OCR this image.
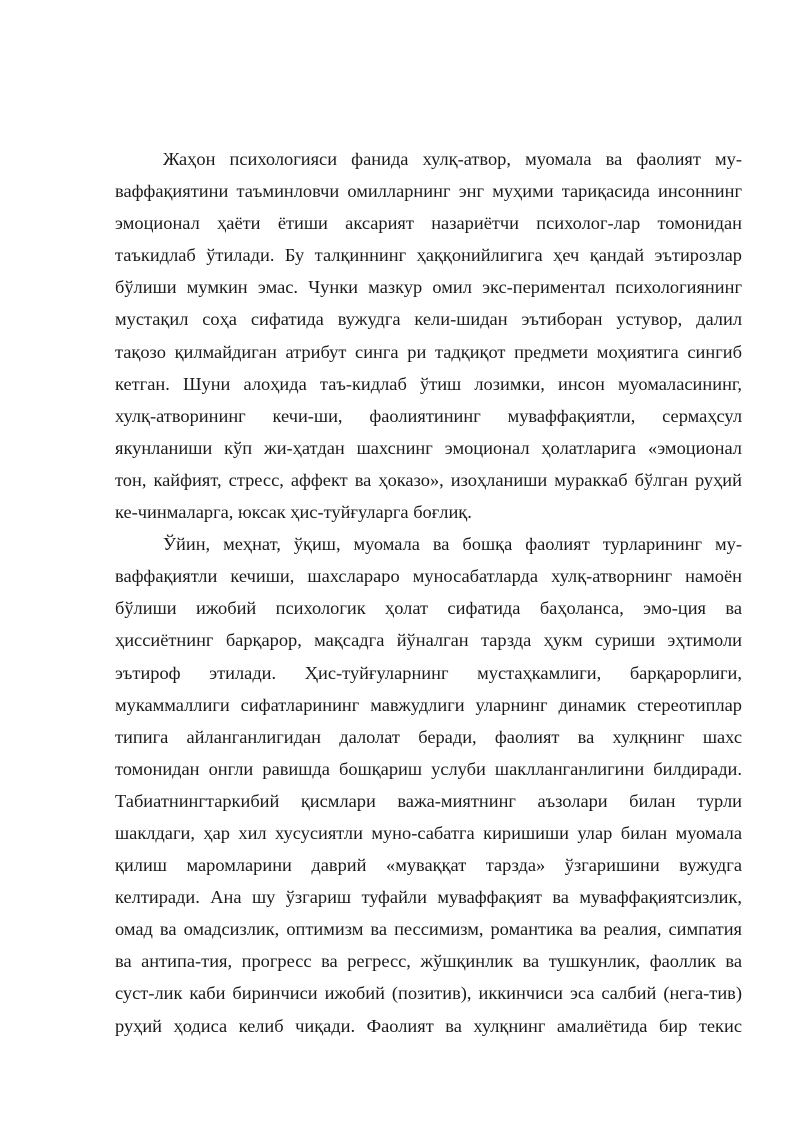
Жаҳон психологияси фанида хулқ-атвор, муомала ва фаолият му-
ваффақиятини таъминловчи омилларнинг энг муҳими тариқасида инсоннинг
эмоционал ҳаёти ётиши аксарият назариётчи психолог-лар томонидан
таъкидлаб ўтилади. Бу талқиннинг ҳаққонийлигига ҳеч қандай эътирозлар
бўлиши мумкин эмас. Чунки мазкур омил экс-периментал психологиянинг
мустақил соҳа сифатида вужудга кели-шидан эътиборан устувор, далил
тақозо қилмайдиган атрибут синга ри тадқиқот предмети моҳиятига сингиб
кетган. Шуни алоҳида таъ-кидлаб ўтиш лозимки, инсон муомаласининг,
хулқ-атворининг кечи-ши, фаолиятининг муваффақиятли, сермаҳсул
якунланиши кўп жи-ҳатдан шахснинг эмоционал ҳолатларига «эмоционал
тон, кайфият, стресс, аффект ва ҳоказо», изоҳланиши мураккаб бўлган руҳий
ке-чинмаларга, юксак ҳис-туйғуларга боғлиқ.
Ўйин, меҳнат, ўқиш, муомала ва бошқа фаолият турларининг му-
ваффақиятли кечиши, шахслараро муносабатларда хулқ-атворнинг намоён
бўлиши ижобий психологик ҳолат сифатида баҳоланса, эмо-ция ва
ҳиссиётнинг барқарор, мақсадга йўналган тарзда ҳукм суриши эҳтимоли
эътироф этилади. Ҳис-туйғуларнинг мустаҳкамлиги, барқарорлиги,
мукаммаллиги сифатларининг мавжудлиги уларнинг динамик стереотиплар
типига айланганлигидан далолат беради, фаолият ва хулқнинг шахс
томонидан онгли равишда бошқариш услуби шаклланганлигини билдиради.
Табиатнингтаркибий қисмлари важа-миятнинг аъзолари билан турли
шаклдаги, ҳар хил хусусиятли муно-сабатга киришиши улар билан муомала
қилиш маромларини даврий «муваққат тарзда» ўзгаришини вужудга
келтиради. Ана шу ўзгариш туфайли муваффақият ва муваффақиятсизлик,
омад ва омадсизлик, оптимизм ва пессимизм, романтика ва реалия, симпатия
ва антипа-тия, прогресс ва регресс, жўшқинлик ва тушкунлик, фаоллик ва
суст-лик каби биринчиси ижобий (позитив), иккинчиси эса салбий (нега-тив)
руҳий ҳодиса келиб чиқади. Фаолият ва хулқнинг амалиётида бир текис
